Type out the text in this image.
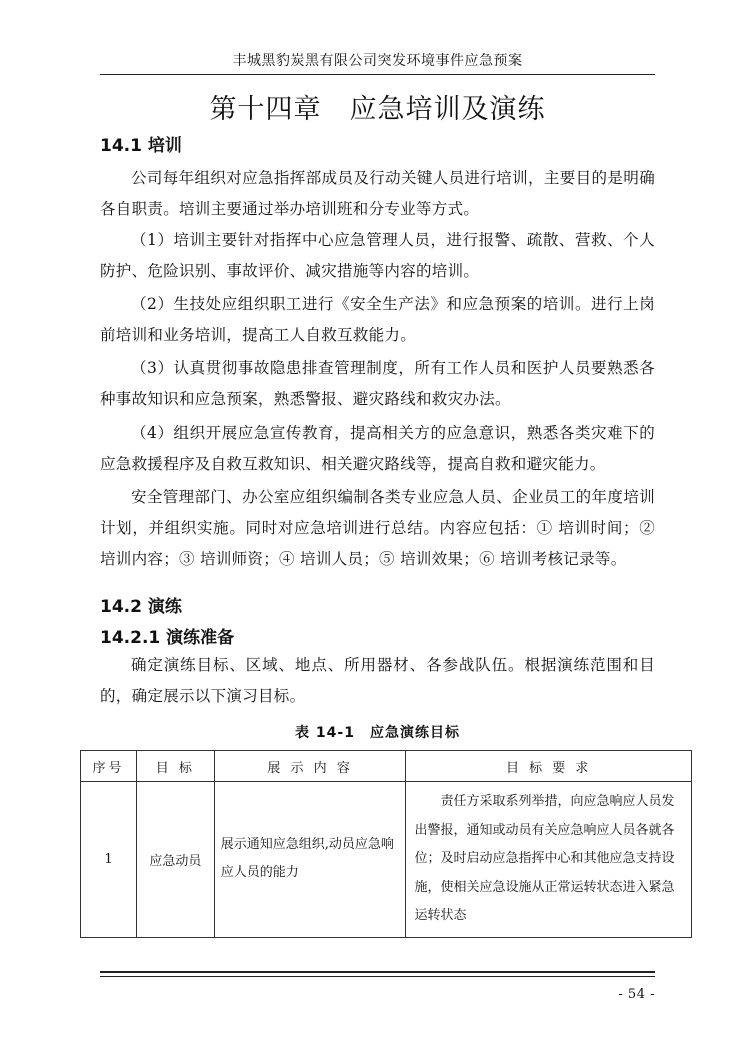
丰城黑豹炭黑有限公司突发环境事件应急预案
第十四章　应急培训及演练
14.1 培训
公司每年组织对应急指挥部成员及行动关键人员进行培训，主要目的是明确各自职责。培训主要通过举办培训班和分专业等方式。
（1）培训主要针对指挥中心应急管理人员，进行报警、疏散、营救、个人防护、危险识别、事故评价、减灾措施等内容的培训。
（2）生技处应组织职工进行《安全生产法》和应急预案的培训。进行上岗前培训和业务培训，提高工人自救互救能力。
（3）认真贯彻事故隐患排查管理制度，所有工作人员和医护人员要熟悉各种事故知识和应急预案，熟悉警报、避灾路线和救灾办法。
（4）组织开展应急宣传教育，提高相关方的应急意识，熟悉各类灾难下的应急救援程序及自救互救知识、相关避灾路线等，提高自救和避灾能力。
安全管理部门、办公室应组织编制各类专业应急人员、企业员工的年度培训计划，并组织实施。同时对应急培训进行总结。内容应包括：① 培训时间；② 培训内容；③ 培训师资；④ 培训人员；⑤ 培训效果；⑥ 培训考核记录等。
14.2 演练
14.2.1 演练准备
确定演练目标、区域、地点、所用器材、各参战队伍。根据演练范围和目的，确定展示以下演习目标。
表 14-1　应急演练目标
序号	目 标	展 示 内 容	目 标 要 求
1	应急动员	展示通知应急组织,动员应急响应人员的能力	责任方采取系列举措，向应急响应人员发出警报，通知或动员有关应急响应人员各就各位；及时启动应急指挥中心和其他应急支持设施，使相关应急设施从正常运转状态进入紧急运转状态
- 54 -
